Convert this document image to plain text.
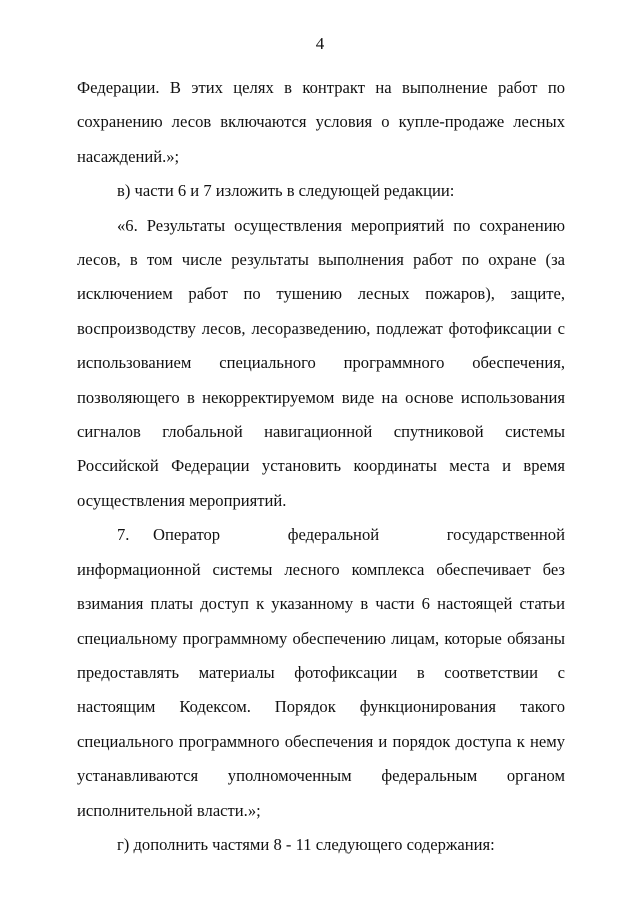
4

Федерации. В этих целях в контракт на выполнение работ по сохранению лесов включаются условия о купле-продаже лесных насаждений.»;

в) части 6 и 7 изложить в следующей редакции:

«6. Результаты осуществления мероприятий по сохранению лесов, в том числе результаты выполнения работ по охране (за исключением работ по тушению лесных пожаров), защите, воспроизводству лесов, лесоразведению, подлежат фотофиксации с использованием специального программного обеспечения, позволяющего в некорректируемом виде на основе использования сигналов глобальной навигационной спутниковой системы Российской Федерации установить координаты места и время осуществления мероприятий.

7. Оператор федеральной государственной информационной системы лесного комплекса обеспечивает без взимания платы доступ к указанному в части 6 настоящей статьи специальному программному обеспечению лицам, которые обязаны предоставлять материалы фотофиксации в соответствии с настоящим Кодексом. Порядок функционирования такого специального программного обеспечения и порядок доступа к нему устанавливаются уполномоченным федеральным органом исполнительной власти.»;

г) дополнить частями 8 - 11 следующего содержания:
